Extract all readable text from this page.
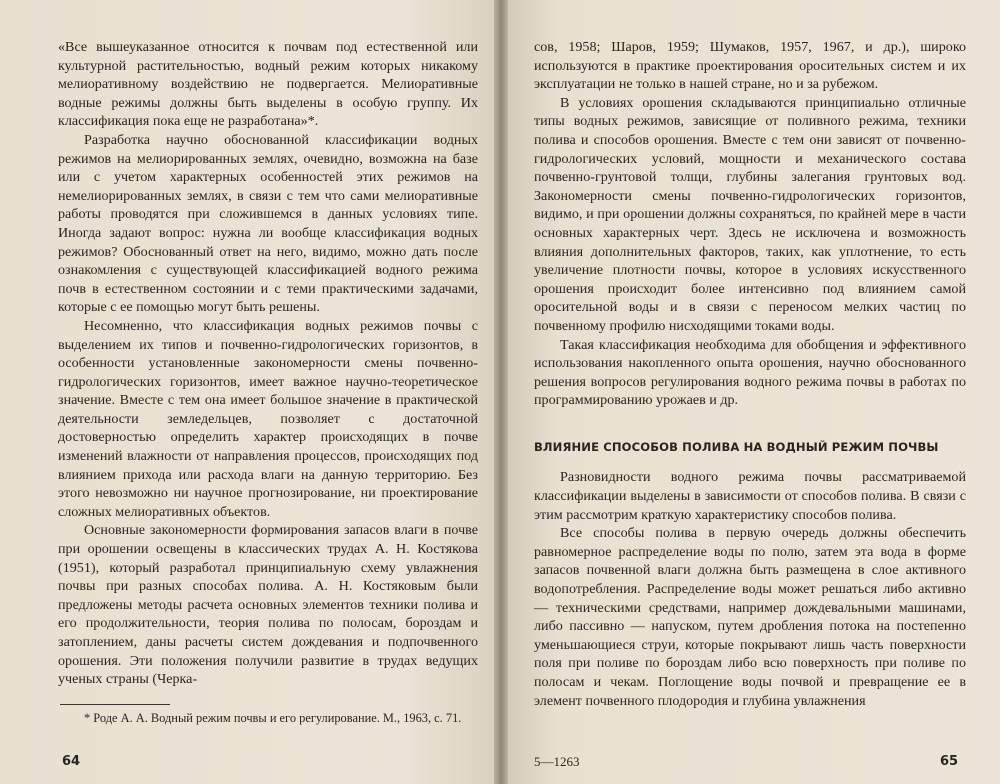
«Все вышеуказанное относится к почвам под естественной или культурной растительностью, водный режим которых никакому мелиоративному воздействию не подвергается. Мелиоративные водные режимы должны быть выделены в особую группу. Их классификация пока еще не разработана»*.

Разработка научно обоснованной классификации водных режимов на мелиорированных землях, очевидно, возможна на базе или с учетом характерных особенностей этих режимов на немелиорированных землях, в связи с тем что сами мелиоративные работы проводятся при сложившемся в данных условиях типе. Иногда задают вопрос: нужна ли вообще классификация водных режимов? Обоснованный ответ на него, видимо, можно дать после ознакомления с существующей классификацией водного режима почв в естественном состоянии и с теми практическими задачами, которые с ее помощью могут быть решены.

Несомненно, что классификация водных режимов почвы с выделением их типов и почвенно-гидрологических горизонтов, в особенности установленные закономерности смены почвенно-гидрологических горизонтов, имеет важное научно-теоретическое значение. Вместе с тем она имеет большое значение в практической деятельности земледельцев, позволяет с достаточной достоверностью определить характер происходящих в почве изменений влажности от направления процессов, происходящих под влиянием прихода или расхода влаги на данную территорию. Без этого невозможно ни научное прогнозирование, ни проектирование сложных мелиоративных объектов.

Основные закономерности формирования запасов влаги в почве при орошении освещены в классических трудах А. Н. Костякова (1951), который разработал принципиальную схему увлажнения почвы при разных способах полива. А. Н. Костяковым были предложены методы расчета основных элементов техники полива и его продолжительности, теория полива по полосам, бороздам и затоплением, даны расчеты систем дождевания и подпочвенного орошения. Эти положения получили развитие в трудах ведущих ученых страны (Черка-

* Роде А. А. Водный режим почвы и его регулирование. М., 1963, с. 71.
64

сов, 1958; Шаров, 1959; Шумаков, 1957, 1967, и др.), широко используются в практике проектирования оросительных систем и их эксплуатации не только в нашей стране, но и за рубежом.

В условиях орошения складываются принципиально отличные типы водных режимов, зависящие от поливного режима, техники полива и способов орошения. Вместе с тем они зависят от почвенно-гидрологических условий, мощности и механического состава почвенно-грунтовой толщи, глубины залегания грунтовых вод. Закономерности смены почвенно-гидрологических горизонтов, видимо, и при орошении должны сохраняться, по крайней мере в части основных характерных черт. Здесь не исключена и возможность влияния дополнительных факторов, таких, как уплотнение, то есть увеличение плотности почвы, которое в условиях искусственного орошения происходит более интенсивно под влиянием самой оросительной воды и в связи с переносом мелких частиц по почвенному профилю нисходящими токами воды.

Такая классификация необходима для обобщения и эффективного использования накопленного опыта орошения, научно обоснованного решения вопросов регулирования водного режима почвы в работах по программированию урожаев и др.

ВЛИЯНИЕ СПОСОБОВ ПОЛИВА НА ВОДНЫЙ РЕЖИМ ПОЧВЫ

Разновидности водного режима почвы рассматриваемой классификации выделены в зависимости от способов полива. В связи с этим рассмотрим краткую характеристику способов полива.

Все способы полива в первую очередь должны обеспечить равномерное распределение воды по полю, затем эта вода в форме запасов почвенной влаги должна быть размещена в слое активного водопотребления. Распределение воды может решаться либо активно — техническими средствами, например дождевальными машинами, либо пассивно — напуском, путем дробления потока на постепенно уменьшающиеся струи, которые покрывают лишь часть поверхности поля при поливе по бороздам либо всю поверхность при поливе по полосам и чекам. Поглощение воды почвой и превращение ее в элемент почвенного плодородия и глубина увлажнения

5—1263	65
